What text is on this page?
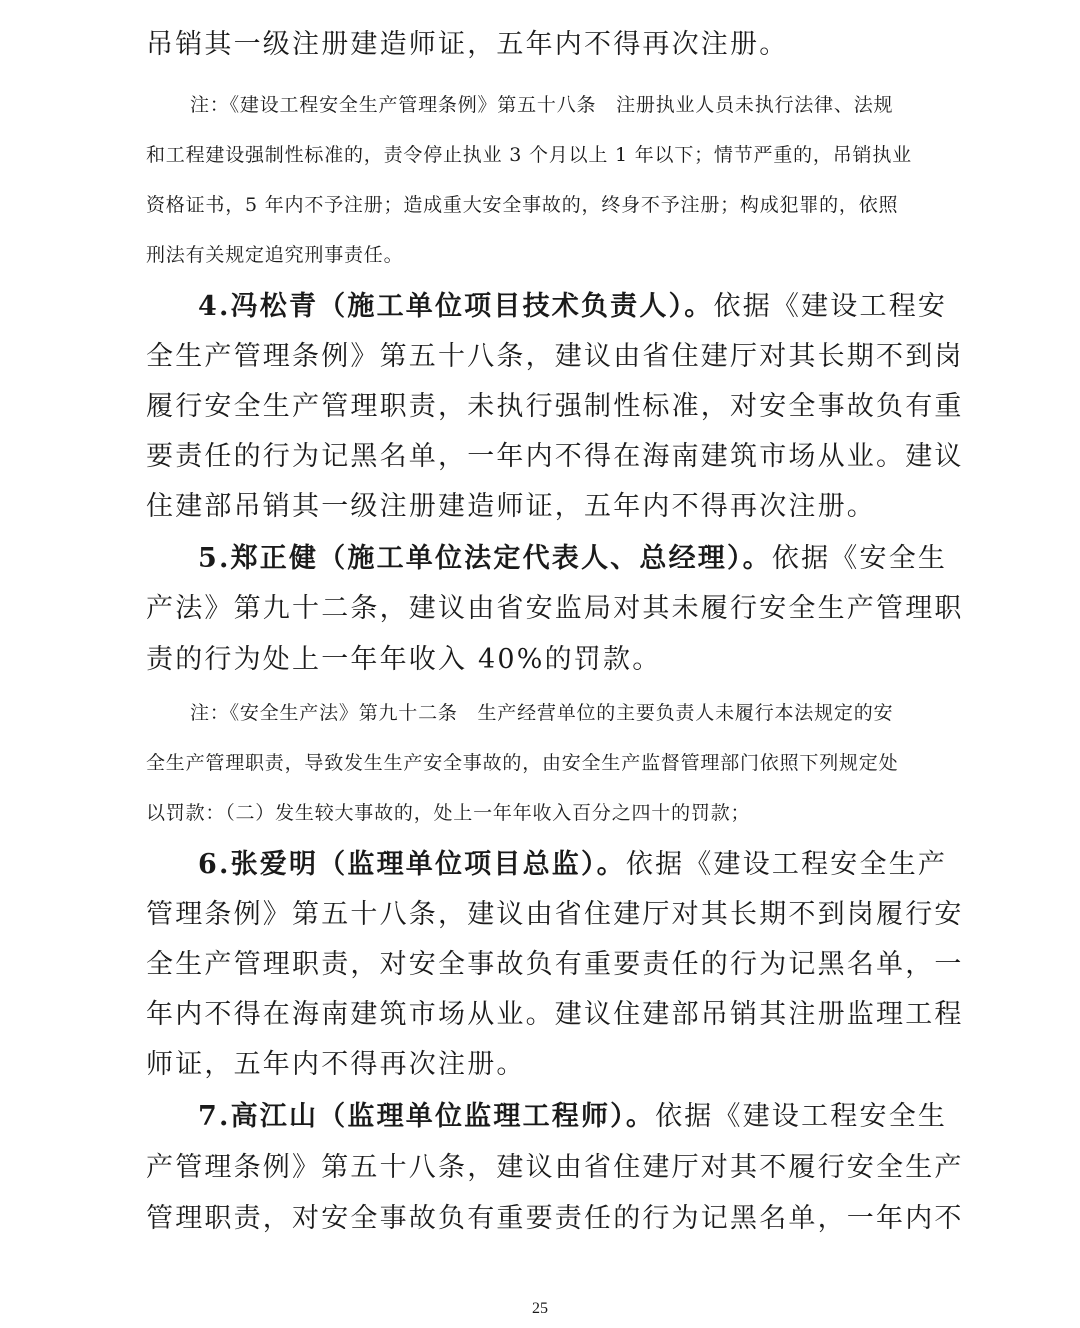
吊销其一级注册建造师证，五年内不得再次注册。
注：《建设工程安全生产管理条例》第五十八条　注册执业人员未执行法律、法规
和工程建设强制性标准的，责令停止执业 3 个月以上 1 年以下；情节严重的，吊销执业
资格证书，5 年内不予注册；造成重大安全事故的，终身不予注册；构成犯罪的，依照
刑法有关规定追究刑事责任。
4.冯松青（施工单位项目技术负责人）。依据《建设工程安
全生产管理条例》第五十八条，建议由省住建厅对其长期不到岗
履行安全生产管理职责，未执行强制性标准，对安全事故负有重
要责任的行为记黑名单，一年内不得在海南建筑市场从业。建议
住建部吊销其一级注册建造师证，五年内不得再次注册。
5.郑正健（施工单位法定代表人、总经理）。依据《安全生
产法》第九十二条，建议由省安监局对其未履行安全生产管理职
责的行为处上一年年收入 40%的罚款。
注：《安全生产法》第九十二条　生产经营单位的主要负责人未履行本法规定的安
全生产管理职责，导致发生生产安全事故的，由安全生产监督管理部门依照下列规定处
以罚款：（二）发生较大事故的，处上一年年收入百分之四十的罚款；
6.张爱明（监理单位项目总监）。依据《建设工程安全生产
管理条例》第五十八条，建议由省住建厅对其长期不到岗履行安
全生产管理职责，对安全事故负有重要责任的行为记黑名单，一
年内不得在海南建筑市场从业。建议住建部吊销其注册监理工程
师证，五年内不得再次注册。
7.高江山（监理单位监理工程师）。依据《建设工程安全生
产管理条例》第五十八条，建议由省住建厅对其不履行安全生产
管理职责，对安全事故负有重要责任的行为记黑名单，一年内不
25
